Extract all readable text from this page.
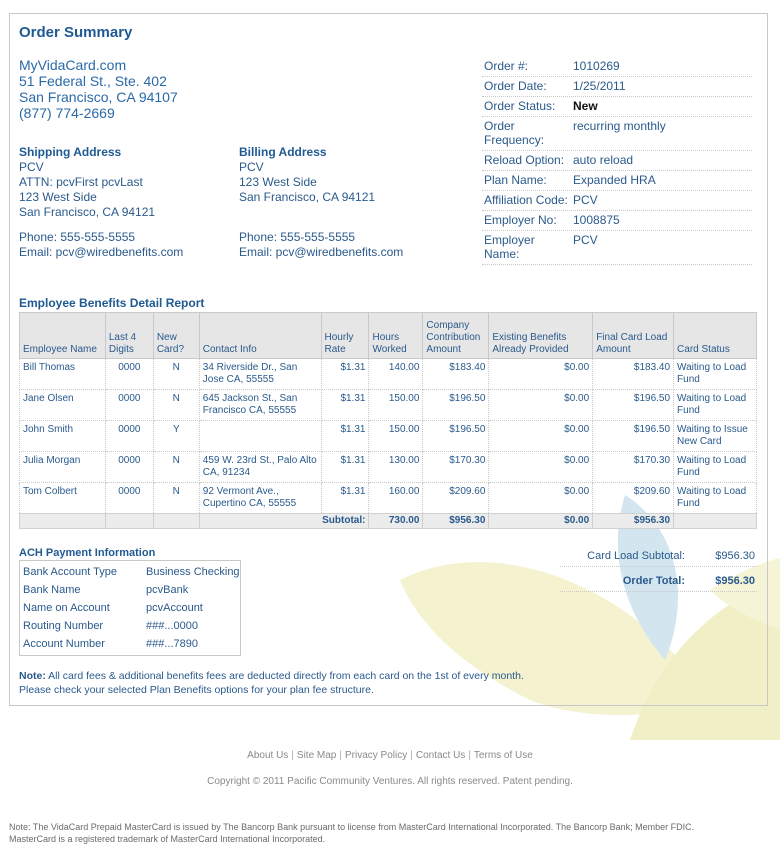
Order Summary
MyVidaCard.com
51 Federal St., Ste. 402
San Francisco, CA 94107
(877) 774-2669
Shipping Address
PCV
ATTN: pcvFirst pcvLast
123 West Side
San Francisco, CA 94121
Phone: 555-555-5555
Email: pcv@wiredbenefits.com
Billing Address
PCV
123 West Side
San Francisco, CA 94121
Phone: 555-555-5555
Email: pcv@wiredbenefits.com
Order #:	1010269
Order Date:	1/25/2011
Order Status:	New
Order Frequency:
recurring monthly
Reload Option: auto reload
Plan Name:	Expanded HRA
Affiliation Code: PCV
Employer No:	1008875
Employer Name:
PCV
Employee Benefits Detail Report
Employee Name	Last 4 Digits	New Card?	Contact Info	Hourly Rate	Hours Worked	Company Contribution Amount	Existing Benefits Already Provided	Final Card Load Amount	Card Status
Bill Thomas	0000	N	34 Riverside Dr., San Jose CA, 55555	$1.31	140.00	$183.40	$0.00	$183.40	Waiting to Load Fund
Jane Olsen	0000	N	645 Jackson St., San Francisco CA, 55555	$1.31	150.00	$196.50	$0.00	$196.50	Waiting to Load Fund
John Smith	0000	Y		$1.31	150.00	$196.50	$0.00	$196.50	Waiting to Issue New Card
Julia Morgan	0000	N	459 W. 23rd St., Palo Alto CA, 91234	$1.31	130.00	$170.30	$0.00	$170.30	Waiting to Load Fund
Tom Colbert	0000	N	92 Vermont Ave., Cupertino CA, 55555	$1.31	160.00	$209.60	$0.00	$209.60	Waiting to Load Fund
			Subtotal:		730.00	$956.30	$0.00	$956.30	
ACH Payment Information
Bank Account Type	Business Checking
Bank Name	pcvBank
Name on Account	pcvAccount
Routing Number	###...0000
Account Number	###...7890
Card Load Subtotal:	$956.30
Order Total:	$956.30
Note: All card fees & additional benefits fees are deducted directly from each card on the 1st of every month.
Please check your selected Plan Benefits options for your plan fee structure.
About Us | Site Map | Privacy Policy | Contact Us | Terms of Use
Copyright © 2011 Pacific Community Ventures. All rights reserved. Patent pending.
Note: The VidaCard Prepaid MasterCard is issued by The Bancorp Bank pursuant to license from MasterCard International Incorporated. The Bancorp Bank; Member FDIC.
MasterCard is a registered trademark of MasterCard International Incorporated.
